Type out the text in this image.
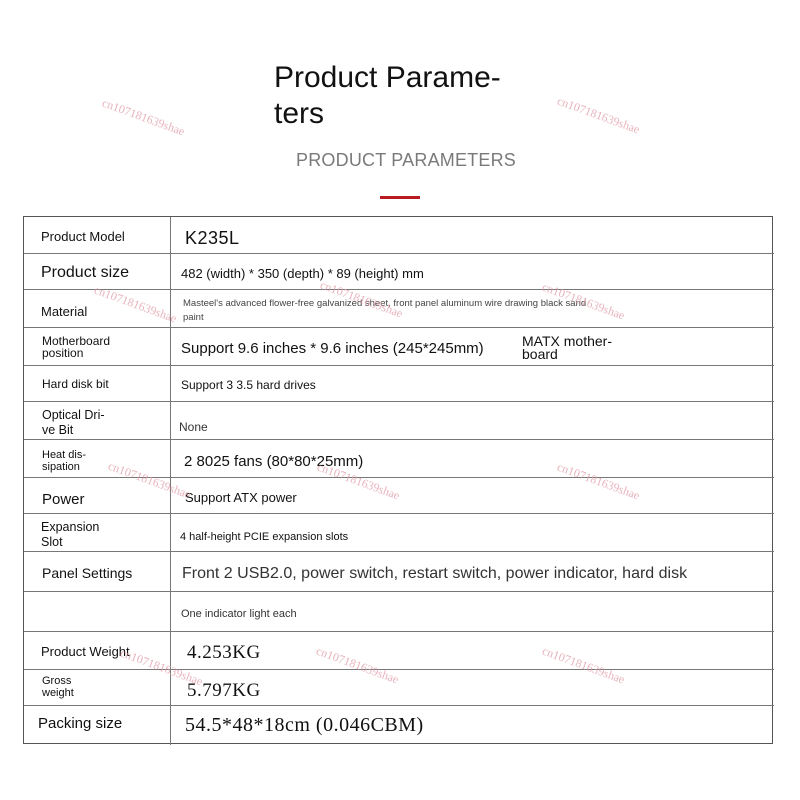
Product Parame-
ters
PRODUCT PARAMETERS
Product Model	K235L
Product size	482 (width) * 350 (depth) * 89 (height) mm
Material
Masteel's advanced flower-free galvanized sheet, front panel aluminum wire drawing black sand
paint
Motherboard
position	Support 9.6 inches * 9.6 inches (245*245mm)	MATX mother-
board
Hard disk bit	Support 3 3.5 hard drives
Optical Dri-
ve Bit	None
Heat dis-
sipation	2 8025 fans (80*80*25mm)
Power	Support ATX power
Expansion
Slot	4 half-height PCIE expansion slots
Panel Settings	Front 2 USB2.0, power switch, restart switch, power indicator, hard disk
One indicator light each
Product Weight	4.253KG
Gross
weight	5.797KG
Packing size	54.5*48*18cm (0.046CBM)
cn107181639shae	cn107181639shae
cn107181639shae	cn107181639shae	cn107181639shae
cn107181639shae	cn107181639shae	cn107181639shae
cn107181639shae	cn107181639shae	cn107181639shae
